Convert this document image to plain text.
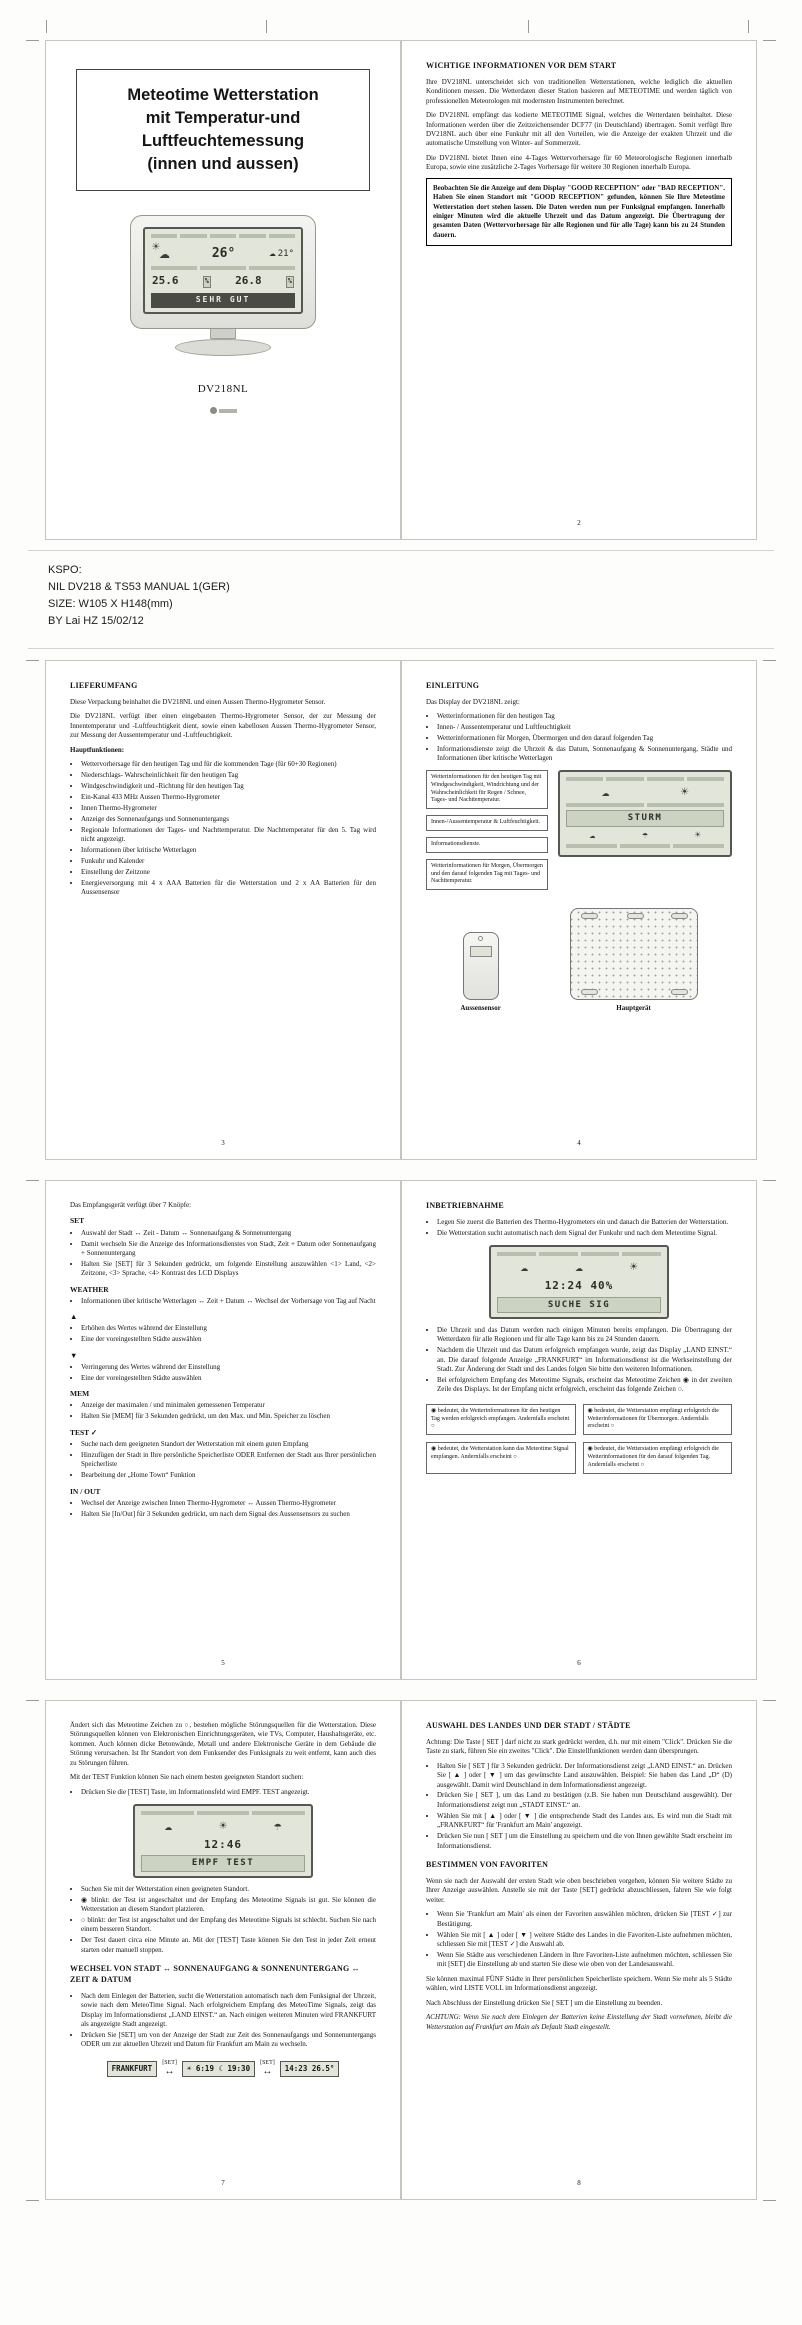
Meteotime Wetterstation
mit Temperatur-und
Luftfeuchtemessung
(innen und aussen)
☀ ☁	26°	☁ 21°
25.6	% 26.8	%
SEHR GUT
DV218NL
WICHTIGE INFORMATIONEN VOR DEM START

Ihre DV218NL unterscheidet sich von traditionellen Wetterstationen, welche lediglich die aktuellen Konditionen messen. Die Wetterdaten dieser Station basieren auf METEOTIME und werden täglich von professionellen Meteorologen mit modernsten Instrumenten berechnet.

Die DV218NL empfängt das kodierte METEOTIME Signal, welches die Wetterdaten beinhaltet. Diese Informationen werden über die Zeitzeichensender DCF77 (in Deutschland) übertragen. Somit verfügt Ihre DV218NL auch über eine Funkuhr mit all den Vorteilen, wie die Anzeige der exakten Uhrzeit und die automatische Umstellung von Winter- auf Sommerzeit.

Die DV218NL bietet Ihnen eine 4-Tages Wettervorhersage für 60 Meteorologische Regionen innerhalb Europa, sowie eine zusätzliche 2-Tages Vorhersage für weitere 30 Regionen innerhalb Europa.

Beobachten Sie die Anzeige auf dem Display "GOOD RECEPTION" oder "BAD RECEPTION". Haben Sie einen Standort mit "GOOD RECEPTION" gefunden, können Sie Ihre Meteotime Wetterstation dort stehen lassen. Die Daten werden nun per Funksignal empfangen. Innerhalb einiger Minuten wird die aktuelle Uhrzeit und das Datum angezeigt. Die Übertragung der gesamten Daten (Wettervorhersage für alle Regionen und für alle Tage) kann bis zu 24 Stunden dauern.
2
KSPO:
NIL DV218 & TS53 MANUAL 1(GER)
SIZE: W105 X H148(mm)
BY Lai HZ 15/02/12
LIEFERUMFANG

Diese Verpackung beinhaltet die DV218NL und einen Aussen Thermo-Hygrometer Sensor.

Die DV218NL verfügt über einen eingebauten Thermo-Hygrometer Sensor, der zur Messung der Innentemperatur und -Luftfeuchtigkeit dient, sowie einen kabellosen Aussen Thermo-Hygrometer Sensor, zur Messung der Aussentemperatur und -Luftfeuchtigkeit.

Hauptfunktionen:

• Wettervorhersage für den heutigen Tag und für die kommenden Tage (für 60+30 Regionen)
• Niederschlags- Wahrscheinlichkeit für den heutigen Tag
• Windgeschwindigkeit und -Richtung für den heutigen Tag
• Ein-Kanal 433 MHz Aussen Thermo-Hygrometer
• Innen Thermo-Hygrometer
• Anzeige des Sonnenaufgangs und Sonnenuntergangs
• Regionale Informationen der Tages- und Nachttemperatur. Die Nachttemperatur für den 5. Tag wird nicht angezeigt.
• Informationen über kritische Wetterlagen
• Funkuhr und Kalender
• Einstellung der Zeitzone
• Energieversorgung mit 4 x AAA Batterien für die Wetterstation und 2 x AA Batterien für den Aussensensor
3
EINLEITUNG

Das Display der DV218NL zeigt:

• Wetterinformationen für den heutigen Tag
• Innen- / Aussentemperatur und Luftfeuchtigkeit
• Wetterinformationen für Morgen, Übermorgen und den darauf folgenden Tag
• Informationsdienste zeigt die Uhrzeit & das Datum, Sonnenaufgang & Sonnenuntergang, Städte und Informationen über kritische Wetterlagen
Wetterinformationen für den heutigen Tag mit Windgeschwindigkeit, Windrichtung und der Wahrscheinlichkeit für Regen / Schnee, Tages- und Nachttemperatur.
Innen-/Aussentemperatur & Luftfeuchtigkeit.
Informationsdienste.
Wetterinformationen für Morgen, Übermorgen und den darauf folgenden Tag mit Tages- und Nachttemperatur.
☁	☀
STURM
☁	☂	☀
Aussensensor	Hauptgerät
4

Das Empfangsgerät verfügt über 7 Knöpfe:

SET
• Auswahl der Stadt ↔ Zeit - Datum ↔ Sonnenaufgang & Sonnenuntergang
• Damit wechseln Sie die Anzeige des Informationsdienstes von Stadt, Zeit + Datum oder Sonnenaufgang + Sonnenuntergang
• Halten Sie [SET] für 3 Sekunden gedrückt, um folgende Einstellung auszuwählen <1> Land, <2> Zeitzone, <3> Sprache, <4> Kontrast des LCD Displays
WEATHER
• Informationen über kritische Wetterlagen ↔ Zeit + Datum ↔ Wechsel der Vorhersage von Tag auf Nacht
▲
• Erhöhen des Wertes während der Einstellung
• Eine der voreingestellten Städte auswählen
▼
• Verringerung des Wertes während der Einstellung
• Eine der voreingestellten Städte auswählen
MEM
• Anzeige der maximalen / und minimalen gemessenen Temperatur
• Halten Sie [MEM] für 3 Sekunden gedrückt, um den Max. und Min. Speicher zu löschen
TEST ✓
• Suche nach dem geeigneten Standort der Wetterstation mit einem guten Empfang
• Hinzufügen der Stadt in Ihre persönliche Speicherliste ODER Entfernen der Stadt aus Ihrer persönlichen Speicherliste
• Bearbeitung der „Home Town“ Funktion
IN / OUT
• Wechsel der Anzeige zwischen Innen Thermo-Hygrometer ↔ Aussen Thermo-Hygrometer
• Halten Sie [In/Out] für 3 Sekunden gedrückt, um nach dem Signal des Aussensensors zu suchen
5
INBETRIEBNAHME
• Legen Sie zuerst die Batterien des Thermo-Hygrometers ein und danach die Batterien der Wetterstation.
• Die Wetterstation sucht automatisch nach dem Signal der Funkuhr und nach dem Meteotime Signal.
☁	☁	☀
12:24 40%
SUCHE SIG
• Die Uhrzeit und das Datum werden nach einigen Minuten bereits empfangen. Die Übertragung der Wetterdaten für alle Regionen und für alle Tage kann bis zu 24 Stunden dauern.
• Nachdem die Uhrzeit und das Datum erfolgreich empfangen wurde, zeigt das Display „LAND EINST.“ an. Die darauf folgende Anzeige „FRANKFURT“ im Informationsdienst ist die Werkseinstellung der Stadt. Zur Änderung der Stadt und des Landes folgen Sie bitte den weiteren Informationen.
• Bei erfolgreichem Empfang des Meteotime Signals, erscheint das Meteotime Zeichen ◉ in der zweiten Zeile des Displays. Ist der Empfang nicht erfolgreich, erscheint das folgende Zeichen ○.
◉ bedeutet, die Wetterinformationen für den heutigen Tag werden erfolgreich empfangen. Andernfalls erscheint ○
◉ bedeutet, die Wetterstation empfängt erfolgreich die Wetterinformationen für Übermorgen. Andernfalls erscheint ○
◉ bedeutet, die Wetterstation kann das Meteotime Signal empfangen. Andernfalls erscheint ○
◉ bedeutet, die Wetterstation empfängt erfolgreich die Wetterinformationen für den darauf folgenden Tag. Andernfalls erscheint ○
6

Ändert sich das Meteotime Zeichen zu ○, bestehen mögliche Störungsquellen für die Wetterstation. Diese Störungsquellen können von Elektronischen Einrichtungsgeräten, wie TVs, Computer, Haushaltsgeräte, etc. kommen. Auch können dicke Betonwände, Metall und andere Elektronische Geräte in dem Gebäude die Störung verursachen. Ist Ihr Standort von dem Funksender des Funksignals zu weit entfernt, kann auch dies zu Störungen führen.

Mit der TEST Funktion können Sie nach einem besten geeigneten Standort suchen:

• Drücken Sie die [TEST] Taste, im Informationsfeld wird EMPF. TEST angezeigt.
☁	☀	☂
12:46
EMPF TEST
• Suchen Sie mit der Wetterstation einen geeigneten Standort.
• ◉ blinkt: der Test ist angeschaltet und der Empfang des Meteotime Signals ist gut. Sie können die Wetterstation an diesem Standort platzieren.
• ○ blinkt: der Test ist angeschaltet und der Empfang des Meteotime Signals ist schlecht. Suchen Sie nach einem besseren Standort.
• Der Test dauert circa eine Minute an. Mit der [TEST] Taste können Sie den Test in jeder Zeit erneut starten oder manuell stoppen.
WECHSEL VON STADT ↔ SONNENAUFGANG & SONNENUNTERGANG ↔ ZEIT & DATUM
• Nach dem Einlegen der Batterien, sucht die Wetterstation automatisch nach dem Funksignal der Uhrzeit, sowie nach dem MeteoTime Signal. Nach erfolgreichem Empfang des MeteoTime Signals, zeigt das Display im Informationsdienst „LAND EINST.“ an. Nach einigen weiteren Minuten wird FRANKFURT als angezeigte Stadt angezeigt.
• Drücken Sie [SET] um von der Anzeige der Stadt zur Zeit des Sonnenaufgangs und Sonnenuntergangs ODER um zur aktuellen Uhrzeit und Datum für Frankfurt am Main zu wechseln.
FRANKFURT
[SET]
↔	☀ 6:19 ☾ 19:30
[SET]
↔	14:23 26.5°
7
AUSWAHL DES LANDES UND DER STADT / STÄDTE

Achtung: Die Taste [ SET ] darf nicht zu stark gedrückt werden, d.h. nur mit einem "Click". Drücken Sie die Taste zu stark, führen Sie ein zweites "Click". Die Einstellfunktionen werden dann übersprungen.

• Halten Sie [ SET ] für 3 Sekunden gedrückt. Der Informationsdienst zeigt „LAND EINST.“ an. Drücken Sie [ ▲ ] oder [ ▼ ] um das gewünschte Land auszuwählen. Beispiel: Sie haben das Land „D“ (D) ausgewählt. Damit wird Deutschland in dem Informationsdienst angezeigt.
• Drücken Sie [ SET ], um das Land zu bestätigen (z.B. Sie haben nun Deutschland ausgewählt). Der Informationsdienst zeigt nun „STADT EINST.“ an.
• Wählen Sie mit [ ▲ ] oder [ ▼ ] die entsprechende Stadt des Landes aus. Es wird nun die Stadt mit „FRANKFURT“ für 'Frankfurt am Main' angezeigt.
• Drücken Sie nun [ SET ] um die Einstellung zu speichern und die von Ihnen gewählte Stadt erscheint im Informationsdienst.
BESTIMMEN VON FAVORITEN

Wenn sie nach der Auswahl der ersten Stadt wie oben beschrieben vorgehen, können Sie weitere Städte zu Ihrer Anzeige auswählen. Anstelle sie mit der Taste [SET] gedrückt abzuschliessen, fahren Sie wie folgt weiter.

• Wenn Sie 'Frankfurt am Main' als einen der Favoriten auswählen möchten, drücken Sie [TEST ✓] zur Bestätigung.
• Wählen Sie mit [ ▲ ] oder [ ▼ ] weitere Städte des Landes in die Favoriten-Liste aufnehmen möchten, schliessen Sie mit [TEST ✓] die Auswahl ab.
• Wenn Sie Städte aus verschiedenen Ländern in Ihre Favoriten-Liste aufnehmen möchten, schliessen Sie mit [SET] die Einstellung ab und starten Sie diese wie oben von der Landesauswahl.

Sie können maximal FÜNF Städte in Ihrer persönlichen Speicherliste speichern. Wenn Sie mehr als 5 Städte wählen, wird LISTE VOLL im Informationsdienst angezeigt.

Nach Abschluss der Einstellung drücken Sie [ SET ] um die Einstellung zu beenden.

ACHTUNG: Wenn Sie nach dem Einlegen der Batterien keine Einstellung der Stadt vornehmen, bleibt die Wetterstation auf Frankfurt am Main als Default Stadt eingestellt.

8
